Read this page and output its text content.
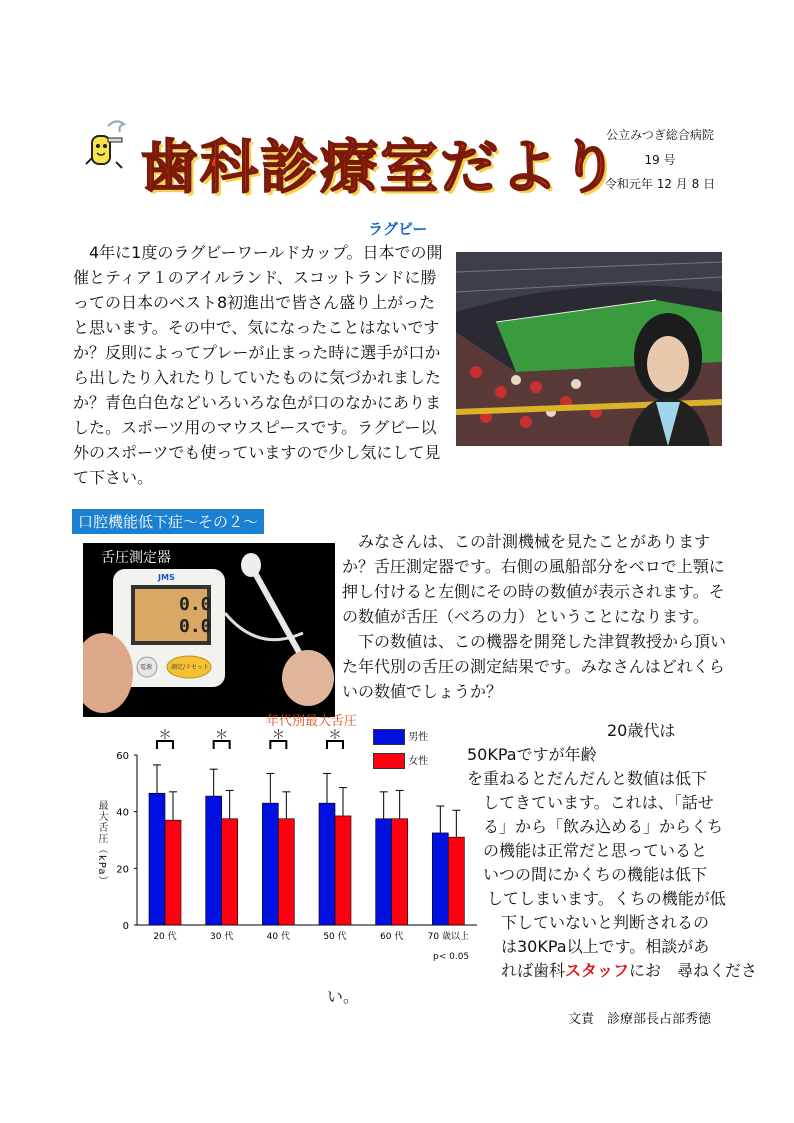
歯科診療室だより
公立みつぎ総合病院
19 号
令和元年 12 月 8 日
ラグビー
　4年に1度のラグビーワールドカップ。日本での開
催とティア１のアイルランド、スコットランドに勝
っての日本のベスト8初進出で皆さん盛り上がった
と思います。その中で、気になったことはないです
か？反則によってプレーが止まった時に選手が口か
ら出したり入れたりしていたものに気づかれました
か？青色白色などいろいろな色が口のなかにありま
した。スポーツ用のマウスピースです。ラグビー以
外のスポーツでも使っていますので少し気にして見
て下さい。
口腔機能低下症～その２～
舌圧測定器
JMS
0.0
0.0
電源	測定/リセット
　みなさんは、この計測機械を見たことがあります
か？舌圧測定器です。右側の風船部分をベロで上顎に
押し付けると左側にその時の数値が表示されます。そ
の数値が舌圧（べろの力）ということになります。
　下の数値は、この機器を開発した津賀教授から頂い
た年代別の舌圧の測定結果です。みなさんはどれくら
いの数値でしょうか？
年代別最大舌圧
最大舌圧（kPa）
0
20
40
60
20 代
＊
30 代
＊
40 代
＊
50 代
＊
60 代	70 歳以上
男性
女性
p< 0.05
20歳代は
50KPaですが年齢
を重ねるとだんだんと数値は低下
してきています。これは、「話せ
る」から「飲み込める」からくち
の機能は正常だと思っていると
いつの間にかくちの機能は低下
してしまいます。くちの機能が低
下していないと判断されるの
は30KPa以上です。相談があ
れば歯科スタッフにお　尋ねくださ
い。
文責　診療部長占部秀徳
